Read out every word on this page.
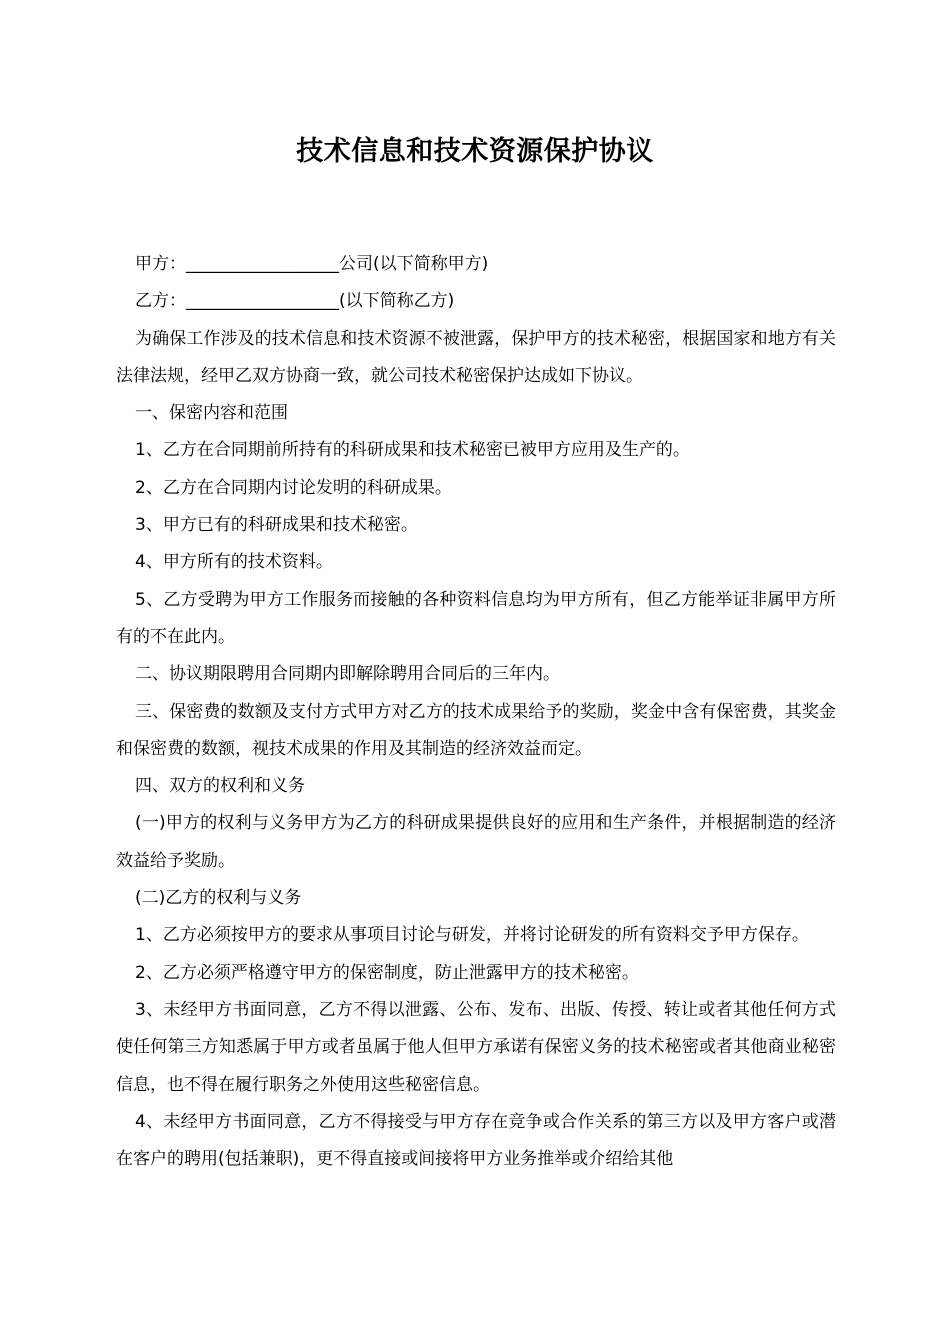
技术信息和技术资源保护协议

甲方：__________________公司(以下简称甲方)

乙方：__________________(以下简称乙方)

为确保工作涉及的技术信息和技术资源不被泄露，保护甲方的技术秘密，根据国家和地方有关法律法规，经甲乙双方协商一致，就公司技术秘密保护达成如下协议。

一、保密内容和范围

1、乙方在合同期前所持有的科研成果和技术秘密已被甲方应用及生产的。

2、乙方在合同期内讨论发明的科研成果。

3、甲方已有的科研成果和技术秘密。

4、甲方所有的技术资料。

5、乙方受聘为甲方工作服务而接触的各种资料信息均为甲方所有，但乙方能举证非属甲方所有的不在此内。

二、协议期限聘用合同期内即解除聘用合同后的三年内。

三、保密费的数额及支付方式甲方对乙方的技术成果给予的奖励，奖金中含有保密费，其奖金和保密费的数额，视技术成果的作用及其制造的经济效益而定。

四、双方的权利和义务

(一)甲方的权利与义务甲方为乙方的科研成果提供良好的应用和生产条件，并根据制造的经济效益给予奖励。

(二)乙方的权利与义务

1、乙方必须按甲方的要求从事项目讨论与研发，并将讨论研发的所有资料交予甲方保存。

2、乙方必须严格遵守甲方的保密制度，防止泄露甲方的技术秘密。

3、未经甲方书面同意，乙方不得以泄露、公布、发布、出版、传授、转让或者其他任何方式使任何第三方知悉属于甲方或者虽属于他人但甲方承诺有保密义务的技术秘密或者其他商业秘密信息，也不得在履行职务之外使用这些秘密信息。

4、未经甲方书面同意，乙方不得接受与甲方存在竞争或合作关系的第三方以及甲方客户或潜在客户的聘用(包括兼职)，更不得直接或间接将甲方业务推举或介绍给其他
